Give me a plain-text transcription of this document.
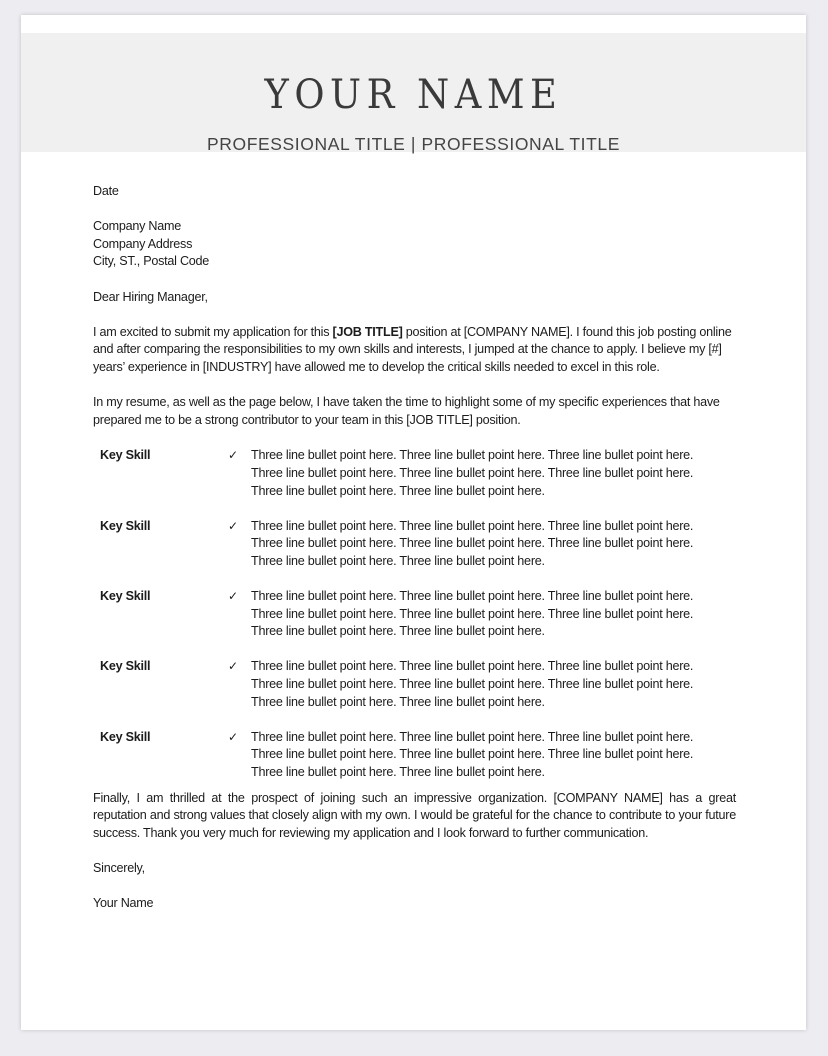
YOUR NAME
PROFESSIONAL TITLE | PROFESSIONAL TITLE

Date

Company Name

Company Address

City, ST., Postal Code

Dear Hiring Manager,

I am excited to submit my application for this [JOB TITLE] position at [COMPANY NAME]. I found this job posting online and after comparing the responsibilities to my own skills and interests, I jumped at the chance to apply. I believe my [#] years’ experience in [INDUSTRY] have allowed me to develop the critical skills needed to excel in this role.

In my resume, as well as the page below, I have taken the time to highlight some of my specific experiences that have prepared me to be a strong contributor to your team in this [JOB TITLE] position.

Key Skill	✓	Three line bullet point here. Three line bullet point here. Three line bullet point here. Three line bullet point here. Three line bullet point here. Three line bullet point here. Three line bullet point here. Three line bullet point here.
Key Skill	✓	Three line bullet point here. Three line bullet point here. Three line bullet point here. Three line bullet point here. Three line bullet point here. Three line bullet point here. Three line bullet point here. Three line bullet point here.
Key Skill	✓	Three line bullet point here. Three line bullet point here. Three line bullet point here. Three line bullet point here. Three line bullet point here. Three line bullet point here. Three line bullet point here. Three line bullet point here.
Key Skill	✓	Three line bullet point here. Three line bullet point here. Three line bullet point here. Three line bullet point here. Three line bullet point here. Three line bullet point here. Three line bullet point here. Three line bullet point here.
Key Skill	✓	Three line bullet point here. Three line bullet point here. Three line bullet point here. Three line bullet point here. Three line bullet point here. Three line bullet point here. Three line bullet point here. Three line bullet point here.

Finally, I am thrilled at the prospect of joining such an impressive organization. [COMPANY NAME] has a great reputation and strong values that closely align with my own. I would be grateful for the chance to contribute to your future success. Thank you very much for reviewing my application and I look forward to further communication.

Sincerely,

Your Name
